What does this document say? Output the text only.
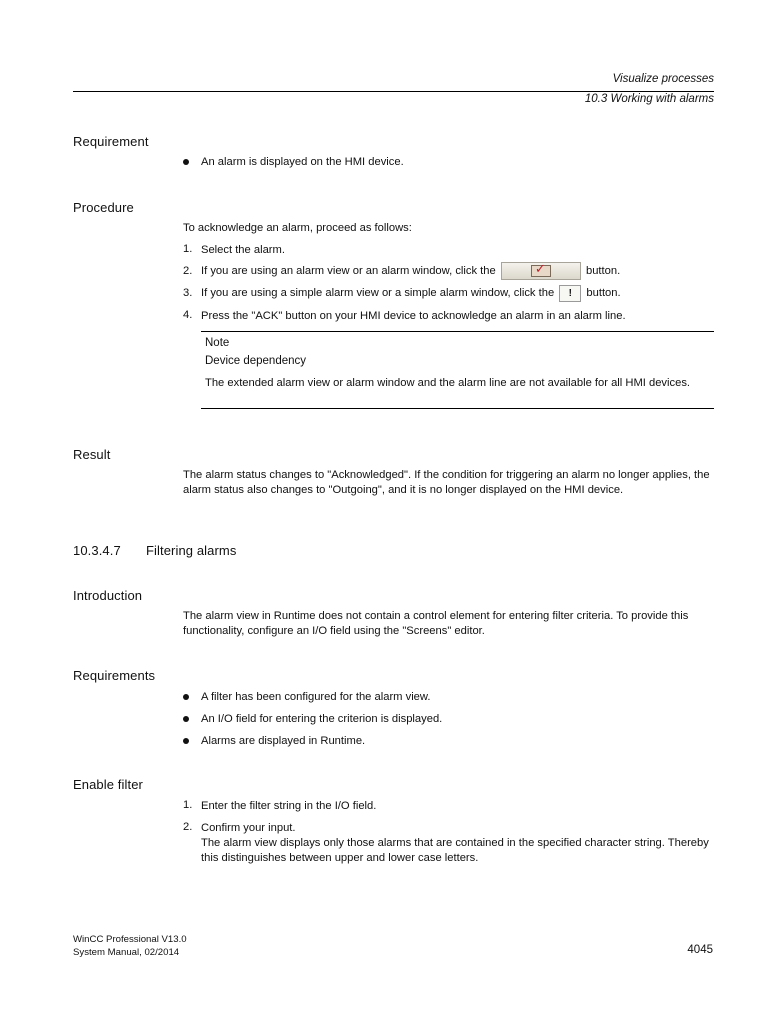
Visualize processes
10.3 Working with alarms
Requirement
An alarm is displayed on the HMI device.
Procedure
To acknowledge an alarm, proceed as follows:
1. Select the alarm.
2. If you are using an alarm view or an alarm window, click the	✓	button.
3. If you are using a simple alarm view or a simple alarm window, click the ! button.
4. Press the "ACK" button on your HMI device to acknowledge an alarm in an alarm line.
Note
Device dependency
The extended alarm view or alarm window and the alarm line are not available for all HMI devices.
Result
The alarm status changes to "Acknowledged". If the condition for triggering an alarm no longer applies, the alarm status also changes to "Outgoing", and it is no longer displayed on the HMI device.
10.3.4.7 Filtering alarms
Introduction
The alarm view in Runtime does not contain a control element for entering filter criteria. To provide this functionality, configure an I/O field using the "Screens" editor.
Requirements
A filter has been configured for the alarm view.
An I/O field for entering the criterion is displayed.
Alarms are displayed in Runtime.
Enable filter
1. Enter the filter string in the I/O field.
2. Confirm your input.
The alarm view displays only those alarms that are contained in the specified character string. Thereby this distinguishes between upper and lower case letters.
WinCC Professional V13.0
System Manual, 02/2014	4045
